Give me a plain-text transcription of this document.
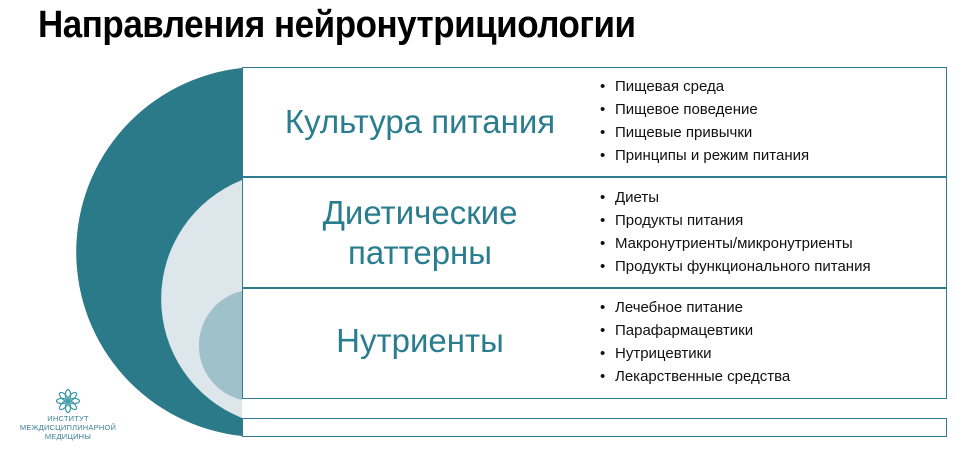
Направления нейронутрициологии
Культура питания
Диетические
паттерны
Нутриенты
• Пищевая среда
• Пищевое поведение
• Пищевые привычки
• Принципы и режим питания
• Диеты
• Продукты питания
• Макронутриенты/микронутриенты
• Продукты функционального питания
• Лечебное питание
• Парафармацевтики
• Нутрицевтики
• Лекарственные средства
ИНСТИТУТ
МЕЖДИСЦИПЛИНАРНОЙ
МЕДИЦИНЫ
